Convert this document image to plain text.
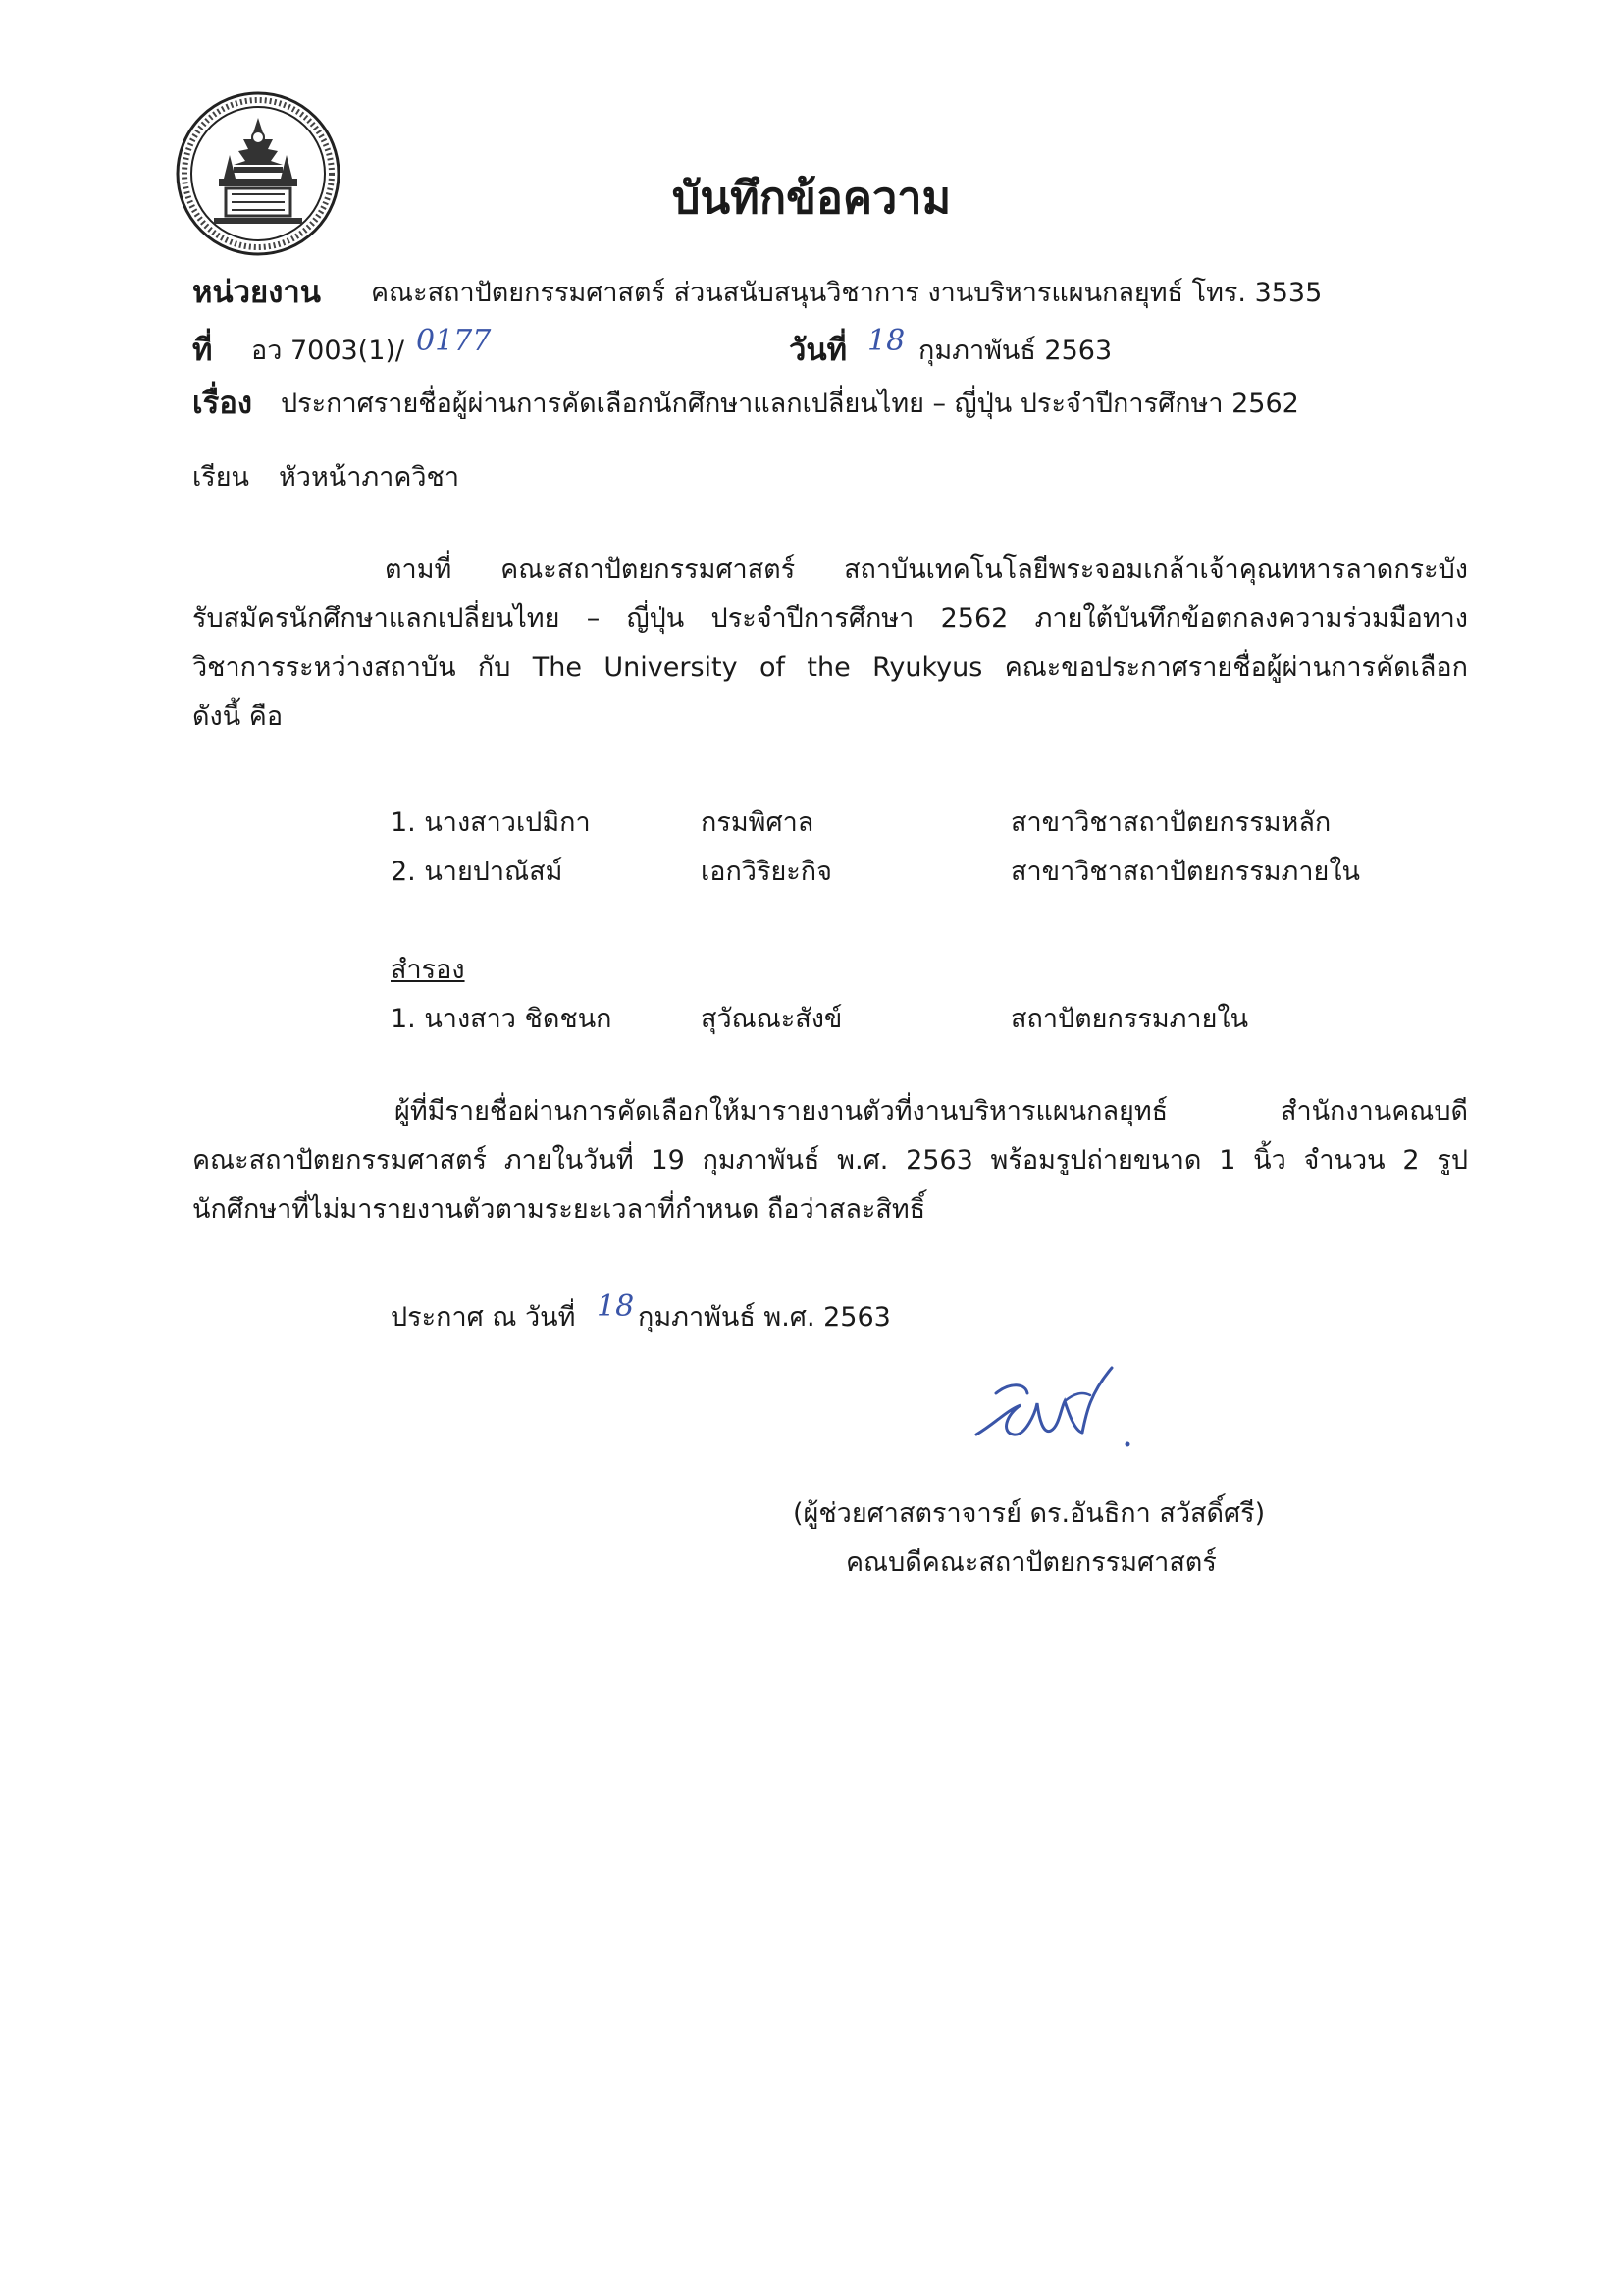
บันทึกข้อความ
หน่วยงาน คณะสถาปัตยกรรมศาสตร์ ส่วนสนับสนุนวิชาการ งานบริหารแผนกลยุทธ์ โทร. 3535
ที่ อว 7003(1)/ 0177	วันที่ 18 กุมภาพันธ์ 2563
เรื่อง ประกาศรายชื่อผู้ผ่านการคัดเลือกนักศึกษาแลกเปลี่ยนไทย – ญี่ปุ่น ประจำปีการศึกษา 2562
เรียน หัวหน้าภาควิชา
ตามที่ คณะสถาปัตยกรรมศาสตร์ สถาบันเทคโนโลยีพระจอมเกล้าเจ้าคุณทหารลาดกระบัง
รับสมัครนักศึกษาแลกเปลี่ยนไทย – ญี่ปุ่น ประจำปีการศึกษา 2562 ภายใต้บันทึกข้อตกลงความร่วมมือทาง
วิชาการระหว่างสถาบัน กับ The University of the Ryukyus คณะขอประกาศรายชื่อผู้ผ่านการคัดเลือก
ดังนี้ คือ
1. นางสาวเปมิกา	กรมพิศาล	สาขาวิชาสถาปัตยกรรมหลัก
2. นายปาณัสม์	เอกวิริยะกิจ	สาขาวิชาสถาปัตยกรรมภายใน
สำรอง
1. นางสาว ชิดชนก	สุวัณณะสังข์	สถาปัตยกรรมภายใน
ผู้ที่มีรายชื่อผ่านการคัดเลือกให้มารายงานตัวที่งานบริหารแผนกลยุทธ์ สำนักงานคณบดี
คณะสถาปัตยกรรมศาสตร์ ภายในวันที่ 19 กุมภาพันธ์ พ.ศ. 2563 พร้อมรูปถ่ายขนาด 1 นิ้ว จำนวน 2 รูป
นักศึกษาที่ไม่มารายงานตัวตามระยะเวลาที่กำหนด ถือว่าสละสิทธิ์
ประกาศ ณ วันที่ 18 กุมภาพันธ์ พ.ศ. 2563
(ผู้ช่วยศาสตราจารย์ ดร.อันธิกา สวัสดิ์ศรี)
คณบดีคณะสถาปัตยกรรมศาสตร์
